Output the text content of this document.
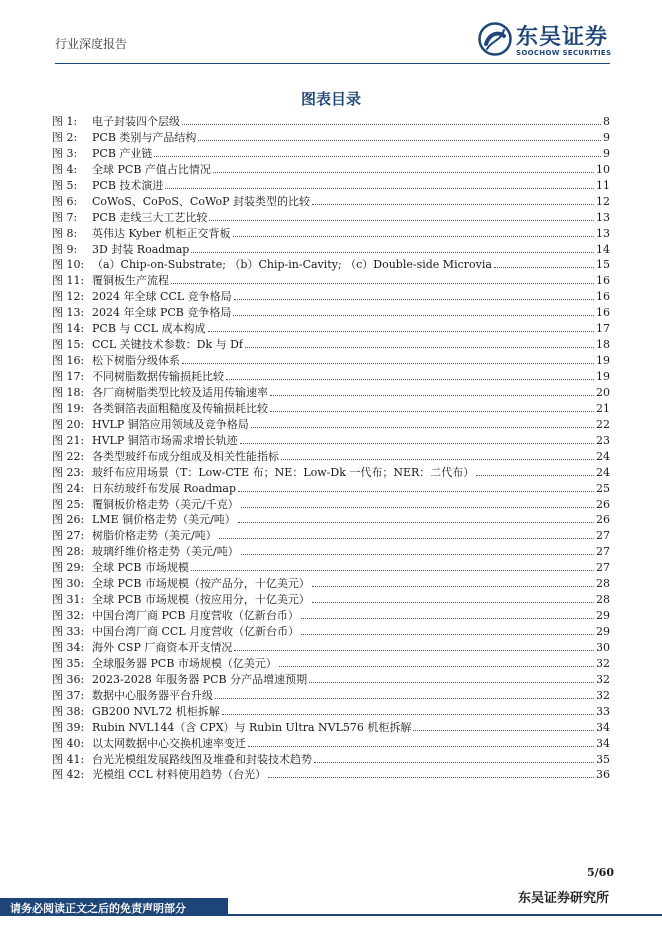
行业深度报告	东吴证券
SOOCHOW SECURITIES
图表目录
图 1:	电子封装四个层级	8
图 2:	PCB 类别与产品结构	9
图 3:	PCB 产业链	9
图 4:	全球 PCB 产值占比情况	10
图 5:	PCB 技术演进	11
图 6:	CoWoS、CoPoS、CoWoP 封装类型的比较	12
图 7:	PCB 走线三大工艺比较	13
图 8:	英伟达 Kyber 机柜正交背板	13
图 9:	3D 封装 Roadmap	14
图 10: （a）Chip-on-Substrate; （b）Chip-in-Cavity; （c）Double-side Microvia	15
图 11: 覆铜板生产流程	16
图 12: 2024 年全球 CCL 竞争格局	16
图 13: 2024 年全球 PCB 竞争格局	16
图 14: PCB 与 CCL 成本构成	17
图 15: CCL 关键技术参数：Dk 与 Df	18
图 16: 松下树脂分级体系	19
图 17: 不同树脂数据传输损耗比较	19
图 18: 各厂商树脂类型比较及适用传输速率	20
图 19: 各类铜箔表面粗糙度及传输损耗比较	21
图 20: HVLP 铜箔应用领域及竞争格局	22
图 21: HVLP 铜箔市场需求增长轨迹	23
图 22: 各类型玻纤布成分组成及相关性能指标	24
图 23: 玻纤布应用场景（T：Low-CTE 布；NE：Low-Dk 一代布；NER：二代布）	24
图 24: 日东纺玻纤布发展 Roadmap	25
图 25: 覆铜板价格走势（美元/千克）	26
图 26: LME 铜价格走势（美元/吨）	26
图 27: 树脂价格走势（美元/吨）	27
图 28: 玻璃纤维价格走势（美元/吨）	27
图 29: 全球 PCB 市场规模	27
图 30: 全球 PCB 市场规模（按产品分，十亿美元）	28
图 31: 全球 PCB 市场规模（按应用分，十亿美元）	28
图 32: 中国台湾厂商 PCB 月度营收（亿新台币）	29
图 33: 中国台湾厂商 CCL 月度营收（亿新台币）	29
图 34: 海外 CSP 厂商资本开支情况	30
图 35: 全球服务器 PCB 市场规模（亿美元）	32
图 36: 2023-2028 年服务器 PCB 分产品增速预期	32
图 37: 数据中心服务器平台升级	32
图 38: GB200 NVL72 机柜拆解	33
图 39: Rubin NVL144（含 CPX）与 Rubin Ultra NVL576 机柜拆解	34
图 40: 以太网数据中心交换机速率变迁	34
图 41: 台光光模组发展路线图及堆叠和封装技术趋势	35
图 42: 光模组 CCL 材料使用趋势（台光）	36
5/60
请务必阅读正文之后的免责声明部分
东吴证券研究所
